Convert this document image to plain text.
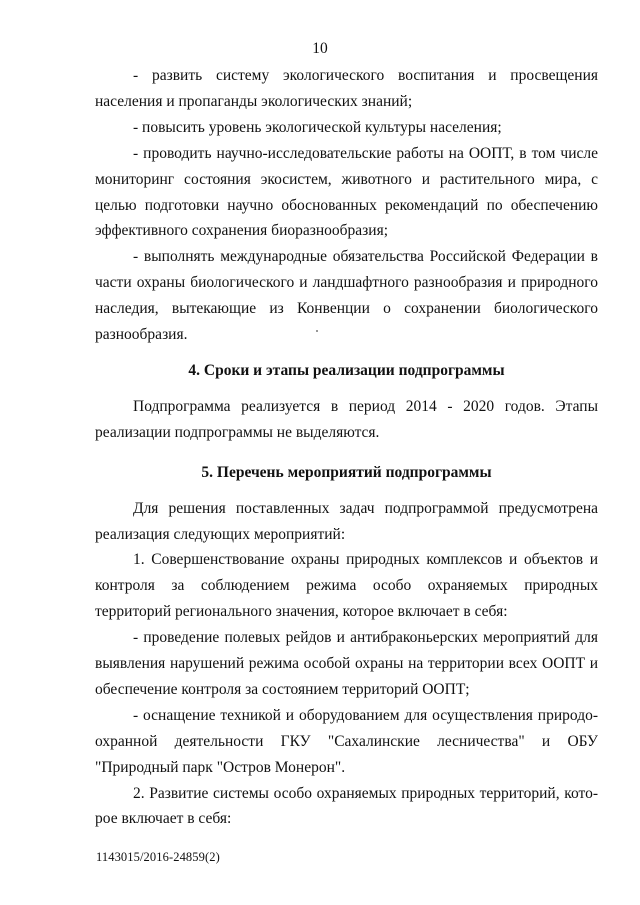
10

- развить систему экологического воспитания и просвещения населения и пропаганды экологических знаний;

- повысить уровень экологической культуры населения;

- проводить научно-исследовательские работы на ООПТ, в том числе мониторинг состояния экосистем, животного и растительного мира, с целью подготовки научно обоснованных рекомендаций по обеспечению эффективного сохранения биоразнообразия;

- выполнять международные обязательства Российской Федерации в части охраны биологического и ландшафтного разнообразия и природного наследия, вытекающие из Конвенции о сохранении биологического разнообразия.

4. Сроки и этапы реализации подпрограммы

Подпрограмма реализуется в период 2014 - 2020 годов. Этапы реализации подпрограммы не выделяются.

5. Перечень мероприятий подпрограммы

Для решения поставленных задач подпрограммой предусмотрена реализация следующих мероприятий:

1. Совершенствование охраны природных комплексов и объектов и контроля за соблюдением режима особо охраняемых природных территорий регионального значения, которое включает в себя:

- проведение полевых рейдов и антибраконьерских мероприятий для выявления нарушений режима особой охраны на территории всех ООПТ и обеспечение контроля за состоянием территорий ООПТ;

- оснащение техникой и оборудованием для осуществления природоохранной деятельности ГКУ "Сахалинские лесничества" и ОБУ "Природный парк "Остров Монерон".

2. Развитие системы особо охраняемых природных территорий, которое включает в себя:

1143015/2016-24859(2)
